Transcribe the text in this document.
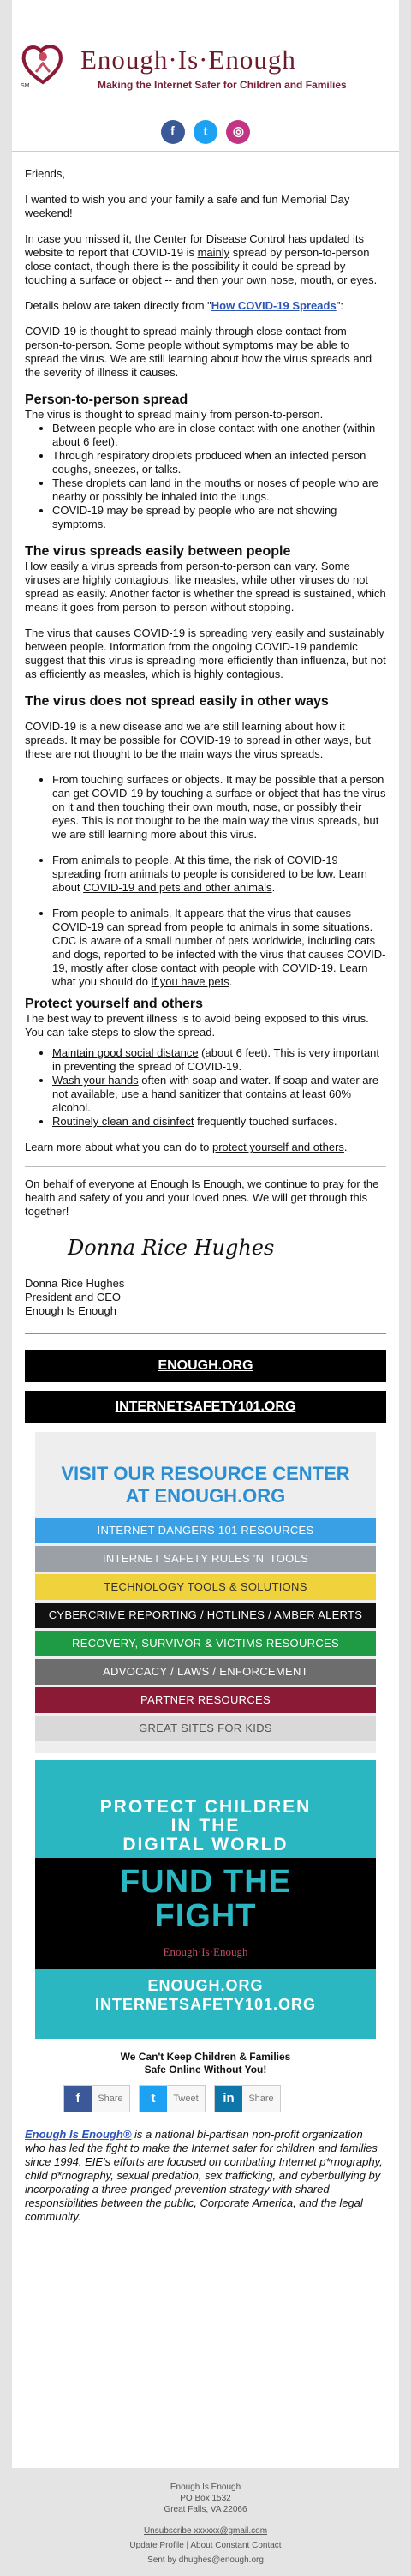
SM
Enough·Is·Enough
Making the Internet Safer for Children and Families
f t ◎

Friends,

I wanted to wish you and your family a safe and fun Memorial Day weekend!

In case you missed it, the Center for Disease Control has updated its website to report that COVID-19 is mainly spread by person-to-person close contact, though there is the possibility it could be spread by touching a surface or object -- and then your own nose, mouth, or eyes.

Details below are taken directly from "How COVID-19 Spreads":

COVID-19 is thought to spread mainly through close contact from person-to-person. Some people without symptoms may be able to spread the virus. We are still learning about how the virus spreads and the severity of illness it causes.

Person-to-person spread
The virus is thought to spread mainly from person-to-person.
• Between people who are in close contact with one another (within about 6 feet).
• Through respiratory droplets produced when an infected person coughs, sneezes, or talks.
• These droplets can land in the mouths or noses of people who are nearby or possibly be inhaled into the lungs.
• COVID-19 may be spread by people who are not showing symptoms.
The virus spreads easily between people

How easily a virus spreads from person-to-person can vary. Some viruses are highly contagious, like measles, while other viruses do not spread as easily. Another factor is whether the spread is sustained, which means it goes from person-to-person without stopping.

The virus that causes COVID-19 is spreading very easily and sustainably between people. Information from the ongoing COVID-19 pandemic suggest that this virus is spreading more efficiently than influenza, but not as efficiently as measles, which is highly contagious.

The virus does not spread easily in other ways

COVID-19 is a new disease and we are still learning about how it spreads. It may be possible for COVID-19 to spread in other ways, but these are not thought to be the main ways the virus spreads.

• From touching surfaces or objects. It may be possible that a person can get COVID-19 by touching a surface or object that has the virus on it and then touching their own mouth, nose, or possibly their eyes. This is not thought to be the main way the virus spreads, but we are still learning more about this virus.
• From animals to people. At this time, the risk of COVID-19 spreading from animals to people is considered to be low. Learn about COVID-19 and pets and other animals.
• From people to animals. It appears that the virus that causes COVID-19 can spread from people to animals in some situations. CDC is aware of a small number of pets worldwide, including cats and dogs, reported to be infected with the virus that causes COVID-19, mostly after close contact with people with COVID-19. Learn what you should do if you have pets.
Protect yourself and others
The best way to prevent illness is to avoid being exposed to this virus. You can take steps to slow the spread.
• Maintain good social distance (about 6 feet). This is very important in preventing the spread of COVID-19.
• Wash your hands often with soap and water. If soap and water are not available, use a hand sanitizer that contains at least 60% alcohol.
• Routinely clean and disinfect frequently touched surfaces.

Learn more about what you can do to protect yourself and others.

On behalf of everyone at Enough Is Enough, we continue to pray for the health and safety of you and your loved ones. We will get through this together!

Donna Rice Hughes
Donna Rice Hughes
President and CEO
Enough Is Enough
ENOUGH.ORG
INTERNETSAFETY101.ORG
VISIT OUR RESOURCE CENTER
AT ENOUGH.ORG
INTERNET DANGERS 101 RESOURCES
INTERNET SAFETY RULES 'N' TOOLS
TECHNOLOGY TOOLS & SOLUTIONS
CYBERCRIME REPORTING / HOTLINES / AMBER ALERTS
RECOVERY, SURVIVOR & VICTIMS RESOURCES
ADVOCACY / LAWS / ENFORCEMENT
PARTNER RESOURCES
GREAT SITES FOR KIDS
PROTECT CHILDREN
IN THE
DIGITAL WORLD
FUND THE
FIGHT
Enough·Is·Enough
ENOUGH.ORG
INTERNETSAFETY101.ORG
We Can't Keep Children & Families
Safe Online Without You!
f	Share	t	Tweet	in	Share
Enough Is Enough® is a national bi-partisan non-profit organization who has led the fight to make the Internet safer for children and families since 1994. EIE's efforts are focused on combating Internet p*rnography, child p*rnography, sexual predation, sex trafficking, and cyberbullying by incorporating a three-pronged prevention strategy with shared responsibilities between the public, Corporate America, and the legal community.
Enough Is Enough
PO Box 1532
Great Falls, VA 22066
Unsubscribe xxxxxx@gmail.com
Update Profile | About Constant Contact
Sent by dhughes@enough.org
